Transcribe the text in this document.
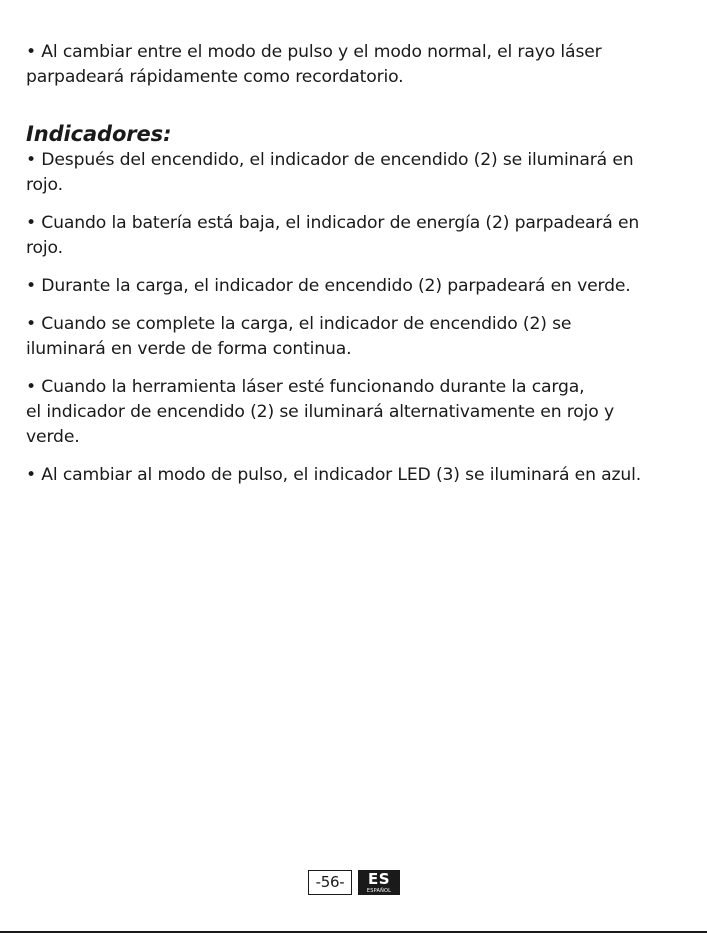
• Al cambiar entre el modo de pulso y el modo normal, el rayo láser
parpadeará rápidamente como recordatorio.

Indicadores:

• Después del encendido, el indicador de encendido (2) se iluminará en
rojo.

• Cuando la batería está baja, el indicador de energía (2) parpadeará en
rojo.

• Durante la carga, el indicador de encendido (2) parpadeará en verde.

• Cuando se complete la carga, el indicador de encendido (2) se
iluminará en verde de forma continua.

• Cuando la herramienta láser esté funcionando durante la carga,
el indicador de encendido (2) se iluminará alternativamente en rojo y
verde.

• Al cambiar al modo de pulso, el indicador LED (3) se iluminará en azul.

-56-	ES
ESPAÑOL
